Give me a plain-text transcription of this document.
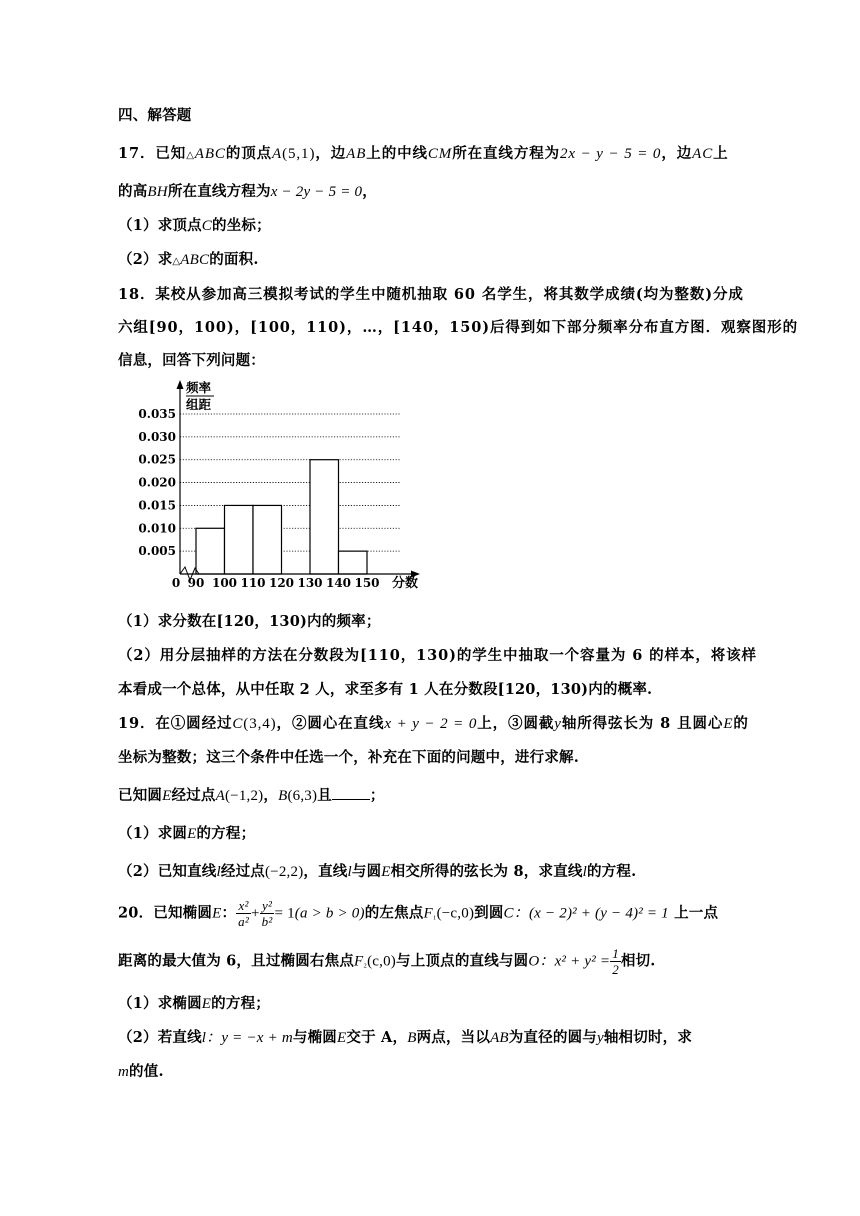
四、解答题
17．已知△ABC的顶点A(5,1)，边AB上的中线CM所在直线方程为2x − y − 5 = 0，边AC上
的高BH所在直线方程为x − 2y − 5 = 0，
（1）求顶点C的坐标；
（2）求△ABC的面积.
18．某校从参加高三模拟考试的学生中随机抽取 60 名学生，将其数学成绩(均为整数)分成
六组[90，100)，[100，110)，…，[140，150)后得到如下部分频率分布直方图．观察图形的
信息，回答下列问题：
0.005
0.010
0.015
0.020
0.025
0.030
0.035
90 100 110 120 130 140 150
频率
组距
分数
0
（1）求分数在[120，130)内的频率；
（2）用分层抽样的方法在分数段为[110，130)的学生中抽取一个容量为 6 的样本，将该样
本看成一个总体，从中任取 2 人，求至多有 1 人在分数段[120，130)内的概率.
19．在①圆经过C(3,4)，②圆心在直线x + y − 2 = 0上，③圆截y轴所得弦长为 8 且圆心E的
坐标为整数；这三个条件中任选一个，补充在下面的问题中，进行求解.
已知圆E经过点A(−1,2)，B(6,3)且	；
（1）求圆E的方程；
（2）已知直线l经过点(−2,2)，直线l与圆E相交所得的弦长为 8，求直线l的方程.
20．已知椭圆E： $\frac{\text{x²}}{\text{a²}} + \frac{\text{y²}}{\text{b²}} = 1(a > b > 0)$的左焦点F₁(−c,0)到圆C：(x − 2)² + (y − 4)² = 1 上一点
距离的最大值为 6，且过椭圆右焦点F₂(c,0)与上顶点的直线与圆O：$x^2 + y^2 = \frac{1}{2}$ 相切.
（1）求椭圆E的方程；
（2）若直线l：y = −x + m与椭圆E交于 A，B两点，当以AB为直径的圆与y轴相切时，求
m的值.
